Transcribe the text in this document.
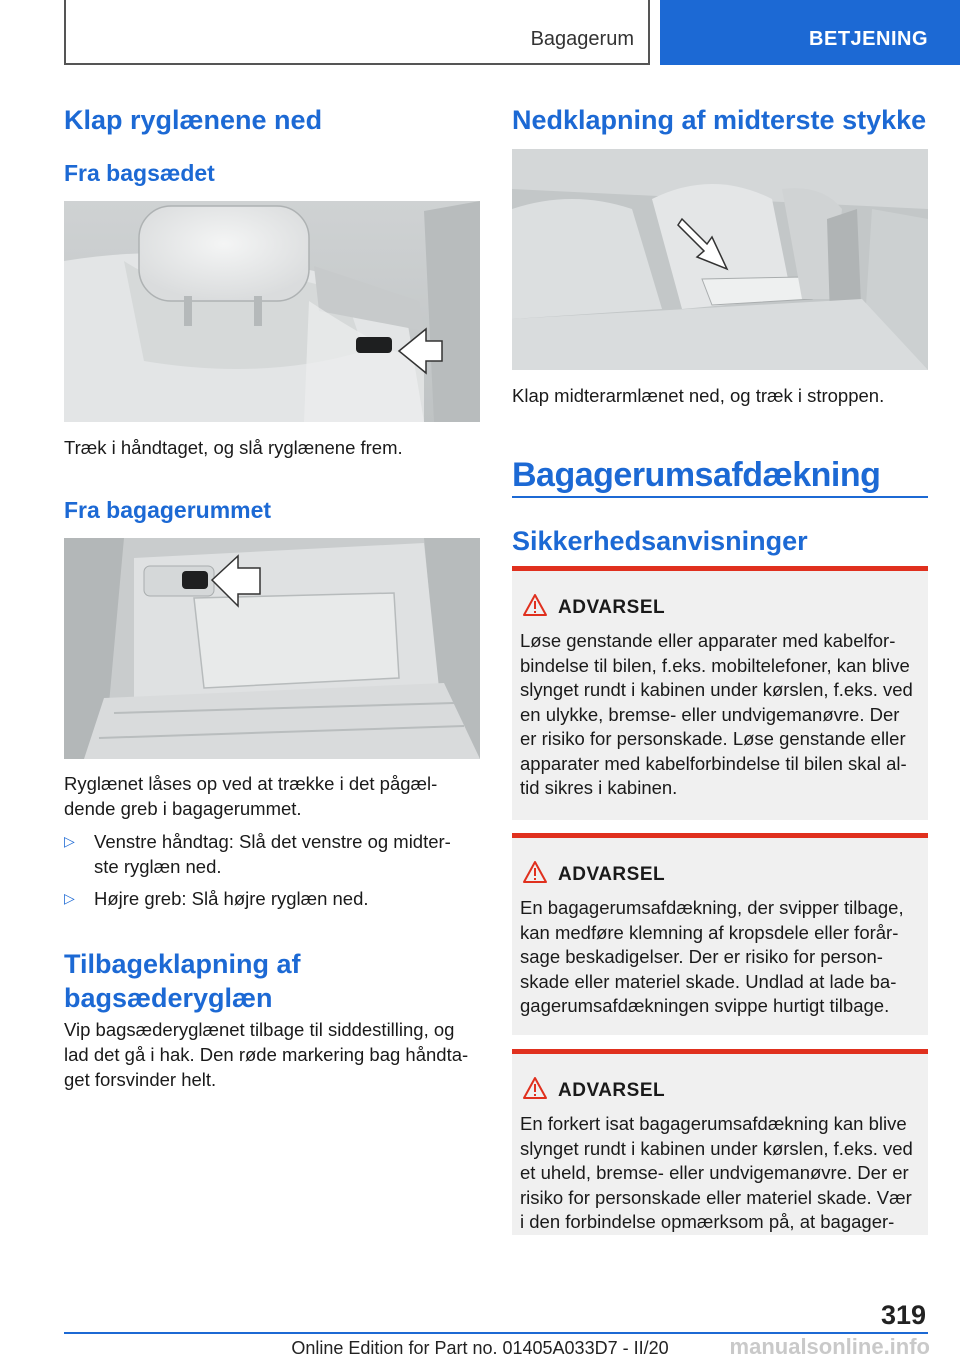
Bagagerum	BETJENING
Klap ryglænene ned
Fra bagsædet
Træk i håndtaget, og slå ryglænene frem.
Fra bagagerummet
Ryglænet låses op ved at trække i det pågæl-
dende greb i bagagerummet.
▷ Venstre håndtag: Slå det venstre og midter-
ste ryglæn ned.
▷ Højre greb: Slå højre ryglæn ned.
Tilbageklapning af
bagsæderyglæn
Vip bagsæderyglænet tilbage til siddestilling, og
lad det gå i hak. Den røde markering bag håndta-
get forsvinder helt.
Nedklapning af midterste stykke
Klap midterarmlænet ned, og træk i stroppen.
Bagagerumsafdækning
Sikkerhedsanvisninger
ADVARSEL
Løse genstande eller apparater med kabelfor-
bindelse til bilen, f.eks. mobiltelefoner, kan blive
slynget rundt i kabinen under kørslen, f.eks. ved
en ulykke, bremse- eller undvigemanøvre. Der
er risiko for personskade. Løse genstande eller
apparater med kabelforbindelse til bilen skal al-
tid sikres i kabinen.
ADVARSEL
En bagagerumsafdækning, der svipper tilbage,
kan medføre klemning af kropsdele eller forår-
sage beskadigelser. Der er risiko for person-
skade eller materiel skade. Undlad at lade ba-
gagerumsafdækningen svippe hurtigt tilbage.
ADVARSEL
En forkert isat bagagerumsafdækning kan blive
slynget rundt i kabinen under kørslen, f.eks. ved
et uheld, bremse- eller undvigemanøvre. Der er
risiko for personskade eller materiel skade. Vær
i den forbindelse opmærksom på, at bagager-
319
Online Edition for Part no. 01405A033D7 - II/20	manualsonline.info
